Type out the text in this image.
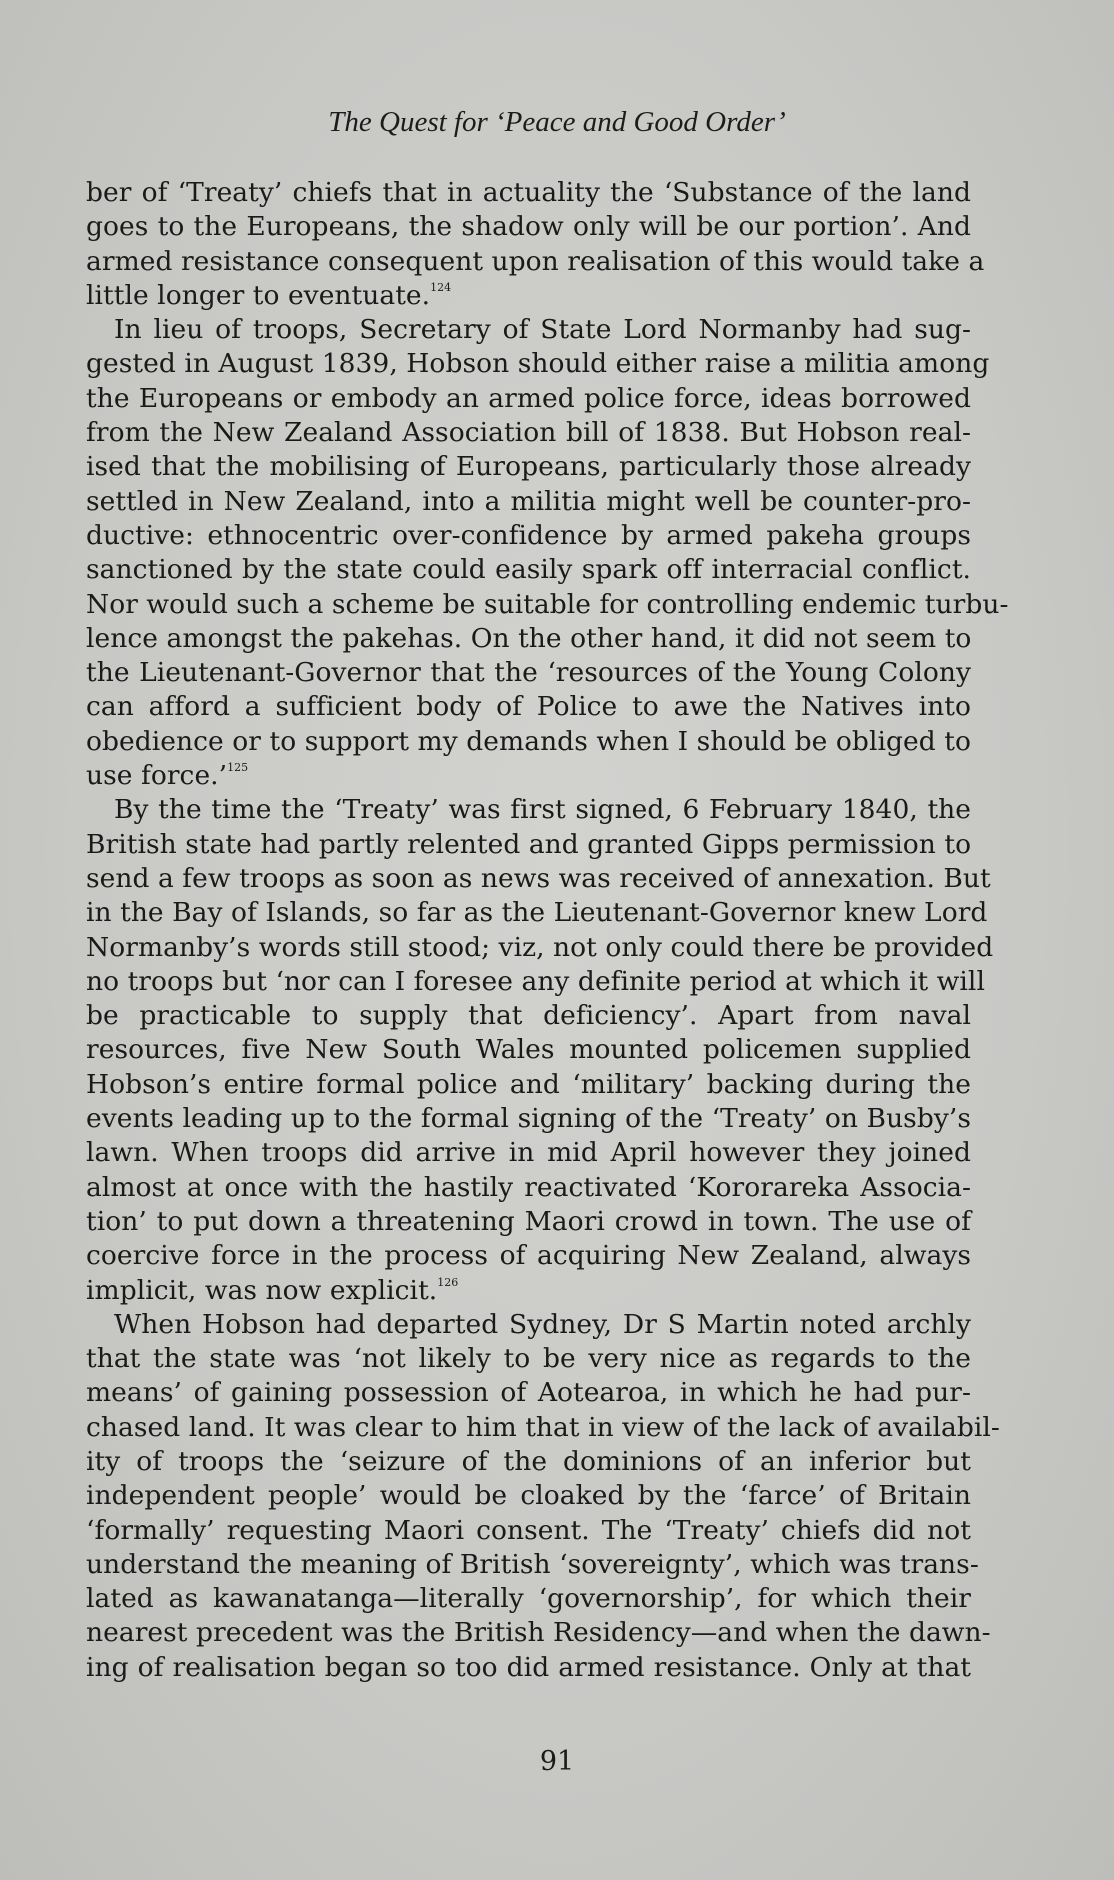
The Quest for ‘Peace and Good Order’
ber of ‘Treaty’ chiefs that in actuality the ‘Substance of the land
goes to the Europeans, the shadow only will be our portion’. And
armed resistance consequent upon realisation of this would take a
little longer to eventuate.$^{124}$
In lieu of troops, Secretary of State Lord Normanby had sug-
gested in August 1839, Hobson should either raise a militia among
the Europeans or embody an armed police force, ideas borrowed
from the New Zealand Association bill of 1838. But Hobson real-
ised that the mobilising of Europeans, particularly those already
settled in New Zealand, into a militia might well be counter-pro-
ductive: ethnocentric over-confidence by armed pakeha groups
sanctioned by the state could easily spark off interracial conflict.
Nor would such a scheme be suitable for controlling endemic turbu-
lence amongst the pakehas. On the other hand, it did not seem to
the Lieutenant-Governor that the ‘resources of the Young Colony
can afford a sufficient body of Police to awe the Natives into
obedience or to support my demands when I should be obliged to
use force.’$^{125}$
By the time the ‘Treaty’ was first signed, 6 February 1840, the
British state had partly relented and granted Gipps permission to
send a few troops as soon as news was received of annexation. But
in the Bay of Islands, so far as the Lieutenant-Governor knew Lord
Normanby’s words still stood; viz, not only could there be provided
no troops but ‘nor can I foresee any definite period at which it will
be practicable to supply that deficiency’. Apart from naval
resources, five New South Wales mounted policemen supplied
Hobson’s entire formal police and ‘military’ backing during the
events leading up to the formal signing of the ‘Treaty’ on Busby’s
lawn. When troops did arrive in mid April however they joined
almost at once with the hastily reactivated ‘Kororareka Associa-
tion’ to put down a threatening Maori crowd in town. The use of
coercive force in the process of acquiring New Zealand, always
implicit, was now explicit.$^{126}$
When Hobson had departed Sydney, Dr S Martin noted archly
that the state was ‘not likely to be very nice as regards to the
means’ of gaining possession of Aotearoa, in which he had pur-
chased land. It was clear to him that in view of the lack of availabil-
ity of troops the ‘seizure of the dominions of an inferior but
independent people’ would be cloaked by the ‘farce’ of Britain
‘formally’ requesting Maori consent. The ‘Treaty’ chiefs did not
understand the meaning of British ‘sovereignty’, which was trans-
lated as kawanatanga—literally ‘governorship’, for which their
nearest precedent was the British Residency—and when the dawn-
ing of realisation began so too did armed resistance. Only at that
91
